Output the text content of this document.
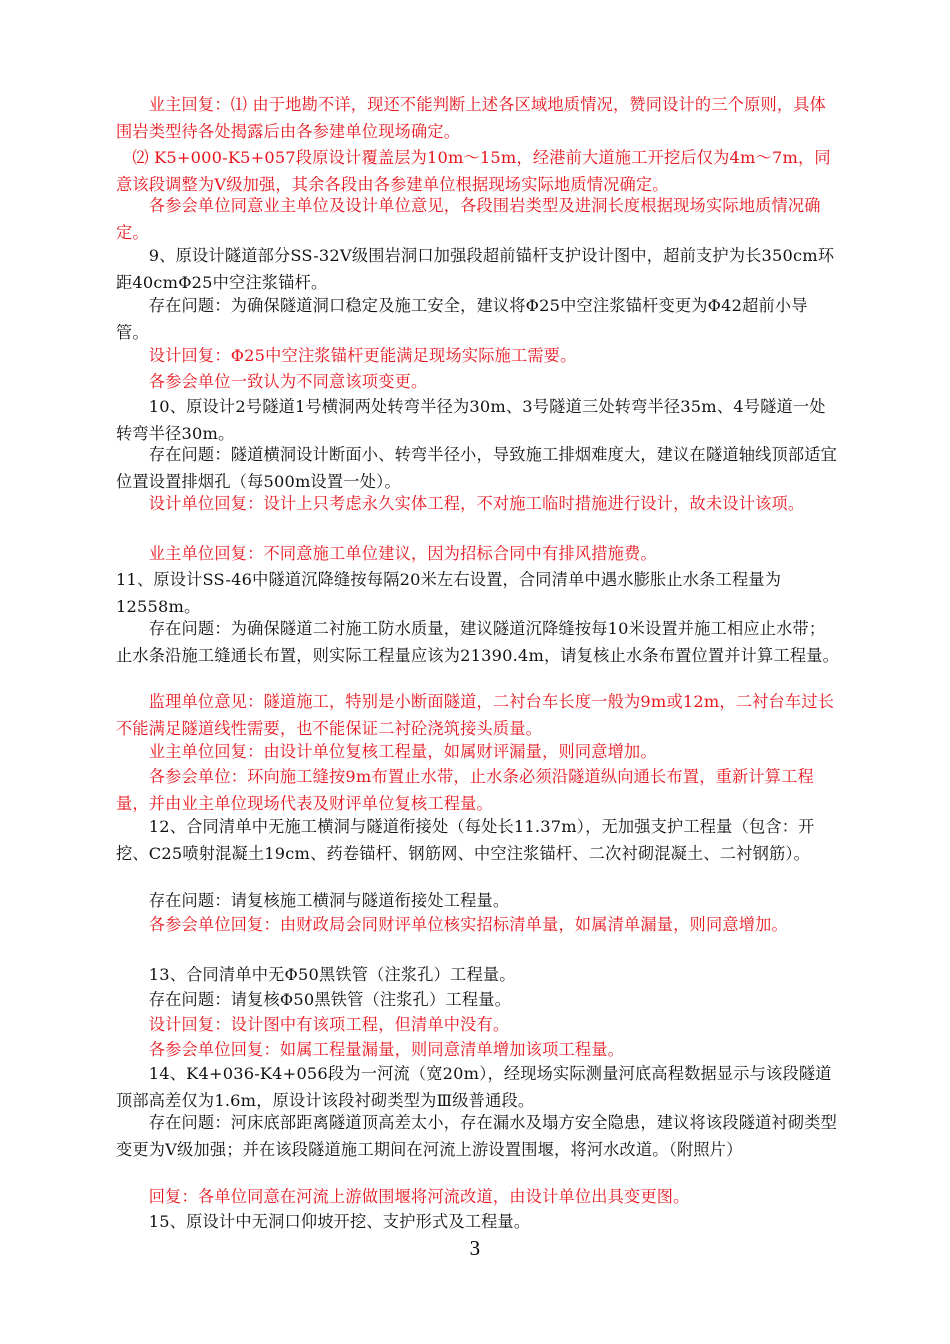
　　业主回复：⑴ 由于地勘不详，现还不能判断上述各区域地质情况，赞同设计的三个原则，具体围岩类型待各处揭露后由各参建单位现场确定。

　⑵ K5+000-K5+057段原设计覆盖层为10m～15m，经港前大道施工开挖后仅为4m～7m，同意该段调整为Ⅴ级加强，其余各段由各参建单位根据现场实际地质情况确定。

　　各参会单位同意业主单位及设计单位意见，各段围岩类型及进洞长度根据现场实际地质情况确定。

　　9、原设计隧道部分SS-32Ⅴ级围岩洞口加强段超前锚杆支护设计图中，超前支护为长350cm环距40cmΦ25中空注浆锚杆。

　　存在问题：为确保隧道洞口稳定及施工安全，建议将Φ25中空注浆锚杆变更为Φ42超前小导管。

　　设计回复：Φ25中空注浆锚杆更能满足现场实际施工需要。

　　各参会单位一致认为不同意该项变更。

　　10、原设计2号隧道1号横洞两处转弯半径为30m、3号隧道三处转弯半径35m、4号隧道一处转弯半径30m。

　　存在问题：隧道横洞设计断面小、转弯半径小，导致施工排烟难度大，建议在隧道轴线顶部适宜位置设置排烟孔（每500m设置一处）。

　　设计单位回复：设计上只考虑永久实体工程，不对施工临时措施进行设计，故未设计该项。

　　业主单位回复：不同意施工单位建议，因为招标合同中有排风措施费。

11、原设计SS-46中隧道沉降缝按每隔20米左右设置，合同清单中遇水膨胀止水条工程量为12558m。

　　存在问题：为确保隧道二衬施工防水质量，建议隧道沉降缝按每10米设置并施工相应止水带；止水条沿施工缝通长布置，则实际工程量应该为21390.4m，请复核止水条布置位置并计算工程量。

　　监理单位意见：隧道施工，特别是小断面隧道，二衬台车长度一般为9m或12m，二衬台车过长不能满足隧道线性需要，也不能保证二衬砼浇筑接头质量。

　　业主单位回复：由设计单位复核工程量，如属财评漏量，则同意增加。

　　各参会单位：环向施工缝按9m布置止水带，止水条必须沿隧道纵向通长布置，重新计算工程量，并由业主单位现场代表及财评单位复核工程量。

　　12、合同清单中无施工横洞与隧道衔接处（每处长11.37m），无加强支护工程量（包含：开挖、C25喷射混凝土19cm、药卷锚杆、钢筋网、中空注浆锚杆、二次衬砌混凝土、二衬钢筋）。

　　存在问题：请复核施工横洞与隧道衔接处工程量。

　　各参会单位回复：由财政局会同财评单位核实招标清单量，如属清单漏量，则同意增加。

　　13、合同清单中无Φ50黑铁管（注浆孔）工程量。

　　存在问题：请复核Φ50黑铁管（注浆孔）工程量。

　　设计回复：设计图中有该项工程，但清单中没有。

　　各参会单位回复：如属工程量漏量，则同意清单增加该项工程量。

　　14、K4+036-K4+056段为一河流（宽20m），经现场实际测量河底高程数据显示与该段隧道顶部高差仅为1.6m，原设计该段衬砌类型为Ⅲ级普通段。

　　存在问题：河床底部距离隧道顶高差太小，存在漏水及塌方安全隐患，建议将该段隧道衬砌类型变更为Ⅴ级加强；并在该段隧道施工期间在河流上游设置围堰，将河水改道。（附照片）

　　回复：各单位同意在河流上游做围堰将河流改道，由设计单位出具变更图。

　　15、原设计中无洞口仰坡开挖、支护形式及工程量。

3
